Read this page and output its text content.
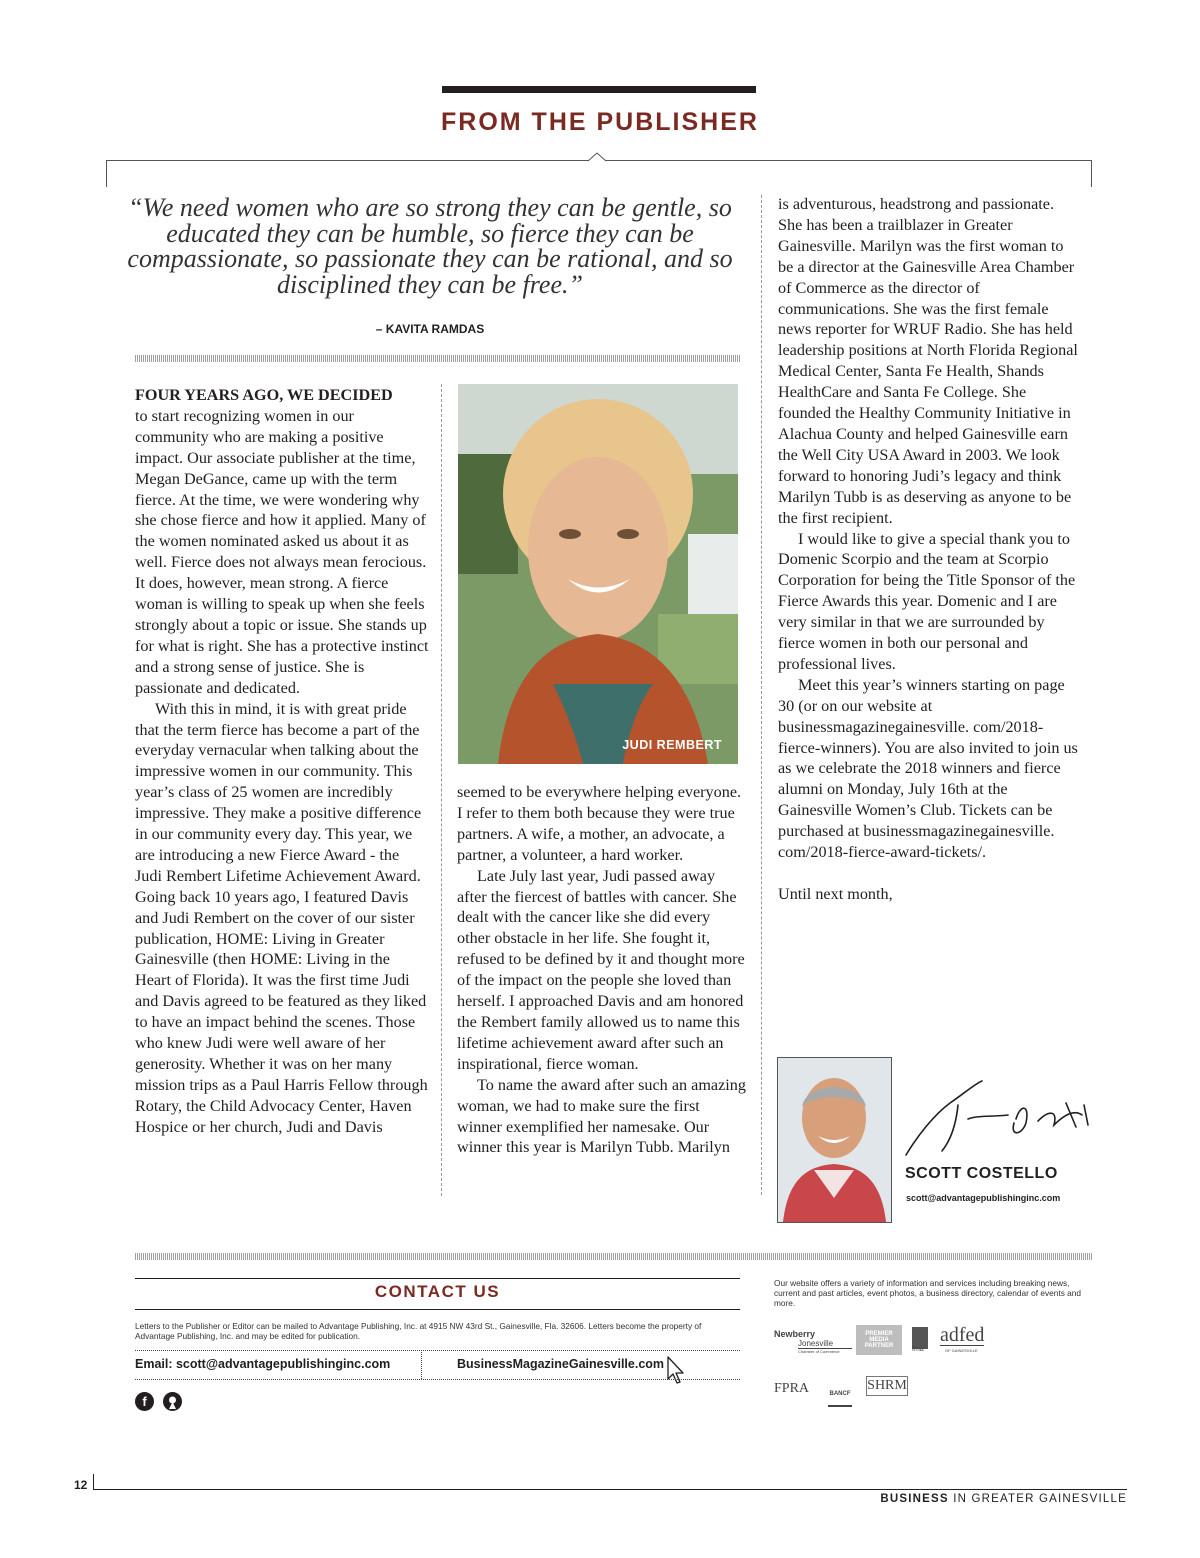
FROM THE PUBLISHER
“We need women who are so strong they can be gentle, so educated they can be humble, so fierce they can be compassionate, so passionate they can be rational, and so disciplined they can be free.”
– KAVITA RAMDAS

FOUR YEARS AGO, WE DECIDED
to start recognizing women in our community who are making a positive impact. Our associate publisher at the time, Megan DeGance, came up with the term fierce. At the time, we were wondering why she chose fierce and how it applied. Many of the women nominated asked us about it as well. Fierce does not always mean ferocious. It does, however, mean strong. A fierce woman is willing to speak up when she feels strongly about a topic or issue. She stands up for what is right. She has a protective instinct and a strong sense of justice. She is passionate and dedicated.

With this in mind, it is with great pride that the term fierce has become a part of the everyday vernacular when talking about the impressive women in our community. This year’s class of 25 women are incredibly impressive. They make a positive difference in our community every day. This year, we are introducing a new Fierce Award - the Judi Rembert Lifetime Achievement Award. Going back 10 years ago, I featured Davis and Judi Rembert on the cover of our sister publication, HOME: Living in Greater Gainesville (then HOME: Living in the Heart of Florida). It was the first time Judi and Davis agreed to be featured as they liked to have an impact behind the scenes. Those who knew Judi were well aware of her generosity. Whether it was on her many mission trips as a Paul Harris Fellow through Rotary, the Child Advocacy Center, Haven Hospice or her church, Judi and Davis

JUDI REMBERT

seemed to be everywhere helping everyone. I refer to them both because they were true partners. A wife, a mother, an advocate, a partner, a volunteer, a hard worker.

Late July last year, Judi passed away after the fiercest of battles with cancer. She dealt with the cancer like she did every other obstacle in her life. She fought it, refused to be defined by it and thought more of the impact on the people she loved than herself. I approached Davis and am honored the Rembert family allowed us to name this lifetime achievement award after such an inspirational, fierce woman.

To name the award after such an amazing woman, we had to make sure the first winner exemplified her namesake. Our winner this year is Marilyn Tubb. Marilyn

is adventurous, headstrong and passionate. She has been a trailblazer in Greater Gainesville. Marilyn was the first woman to be a director at the Gainesville Area Chamber of Commerce as the director of communications. She was the first female news reporter for WRUF Radio. She has held leadership positions at North Florida Regional Medical Center, Santa Fe Health, Shands HealthCare and Santa Fe College. She founded the Healthy Community Initiative in Alachua County and helped Gainesville earn the Well City USA Award in 2003. We look forward to honoring Judi’s legacy and think Marilyn Tubb is as deserving as anyone to be the first recipient.

I would like to give a special thank you to Domenic Scorpio and the team at Scorpio Corporation for being the Title Sponsor of the Fierce Awards this year. Domenic and I are very similar in that we are surrounded by fierce women in both our personal and professional lives.

Meet this year’s winners starting on page 30 (or on our website at businessmagazinegainesville. com/2018-fierce-winners). You are also invited to join us as we celebrate the 2018 winners and fierce alumni on Monday, July 16th at the Gainesville Women’s Club. Tickets can be purchased at businessmagazinegainesville. com/2018-fierce-award-tickets/.

Until next month,

SCOTT COSTELLO
scott@advantagepublishinginc.com
CONTACT US
Letters to the Publisher or Editor can be mailed to Advantage Publishing, Inc. at 4915 NW 43rd St., Gainesville, Fla. 32606. Letters become the property of Advantage Publishing, Inc. and may be edited for publication.
Email: scott@advantagepublishinginc.com	BusinessMagazineGainesville.com
f
Our website offers a variety of information and services including breaking news, current and past articles, event photos, a business directory, calendar of events and more.
Newberry
Jonesville
Chamber of Commerce
PREMIER MEDIA PARTNER	fma
adfed
OF GAINESVILLE
FPRA	BANCF
SHRM
12
BUSINESS IN GREATER GAINESVILLE
